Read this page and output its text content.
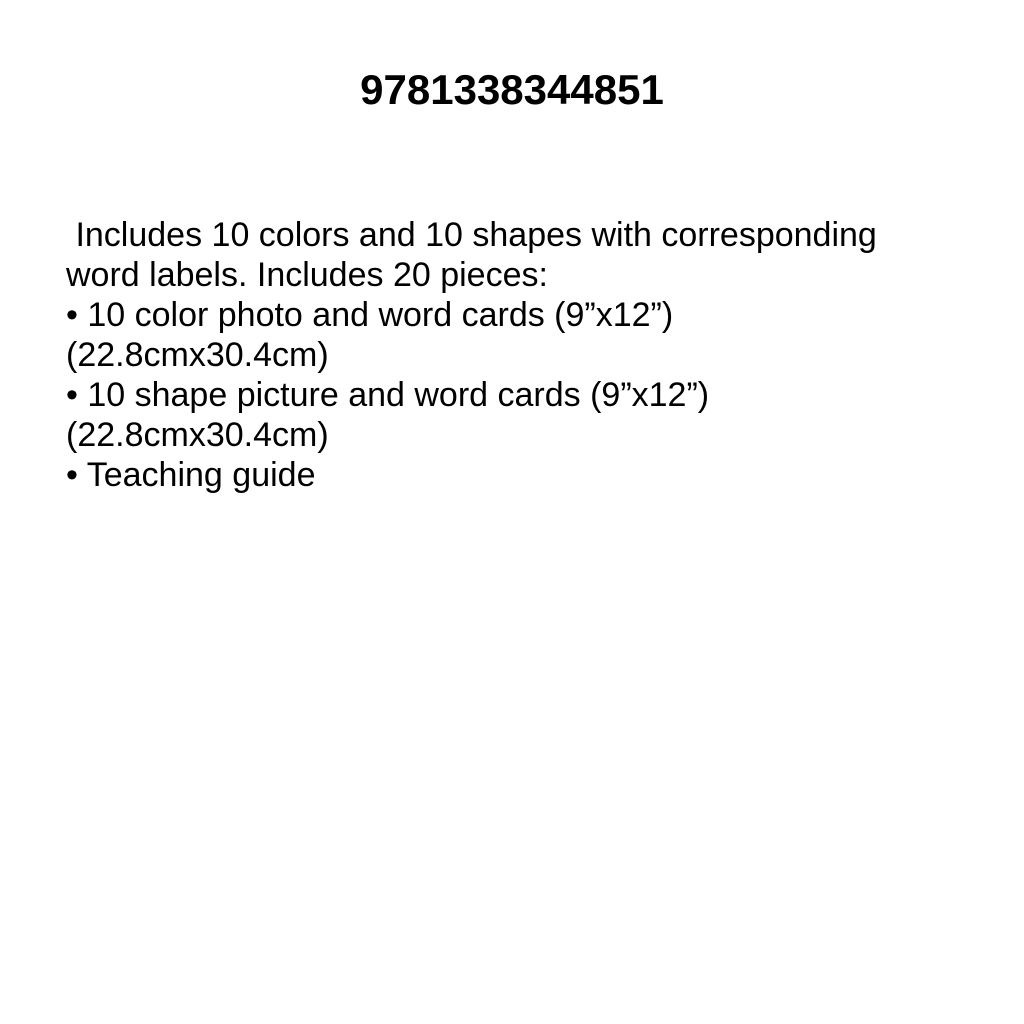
9781338344851
Includes 10 colors and 10 shapes with corresponding
word labels. Includes 20 pieces:
• 10 color photo and word cards (9”x12”)
(22.8cmx30.4cm)
• 10 shape picture and word cards (9”x12”)
(22.8cmx30.4cm)
• Teaching guide
